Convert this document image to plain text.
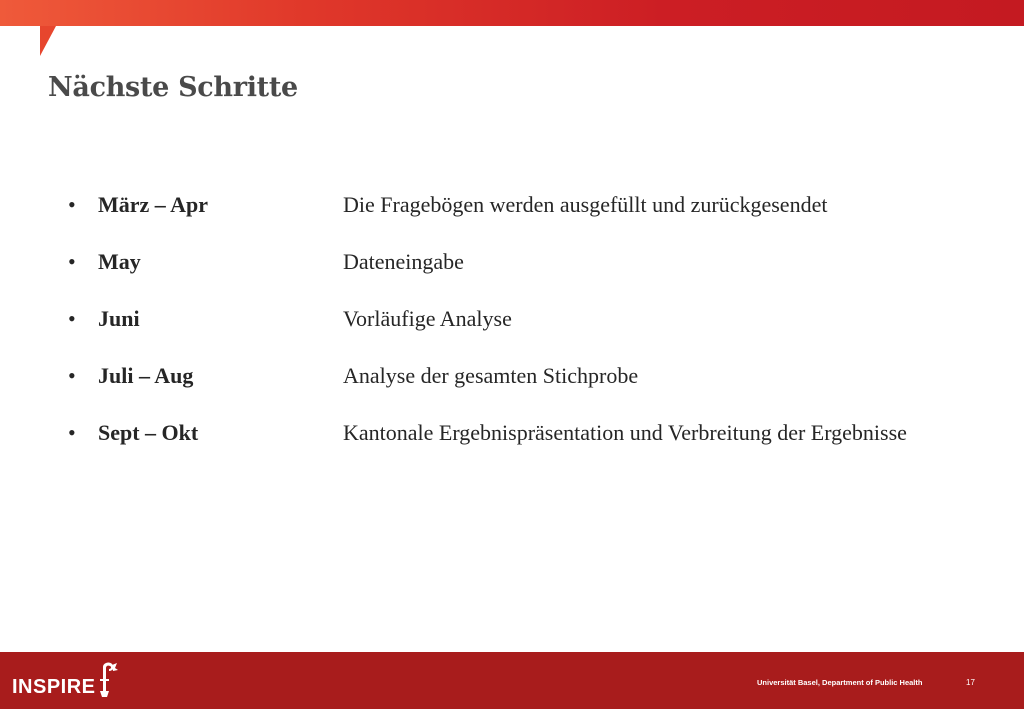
Nächste Schritte
•	März – Apr	Die Fragebögen werden ausgefüllt und zurückgesendet
•	May	Dateneingabe
•	Juni	Vorläufige Analyse
•	Juli – Aug	Analyse der gesamten Stichprobe
•	Sept – Okt	Kantonale Ergebnispräsentation und Verbreitung der Ergebnisse
INSPIRE	Universität Basel, Department of Public Health	17
